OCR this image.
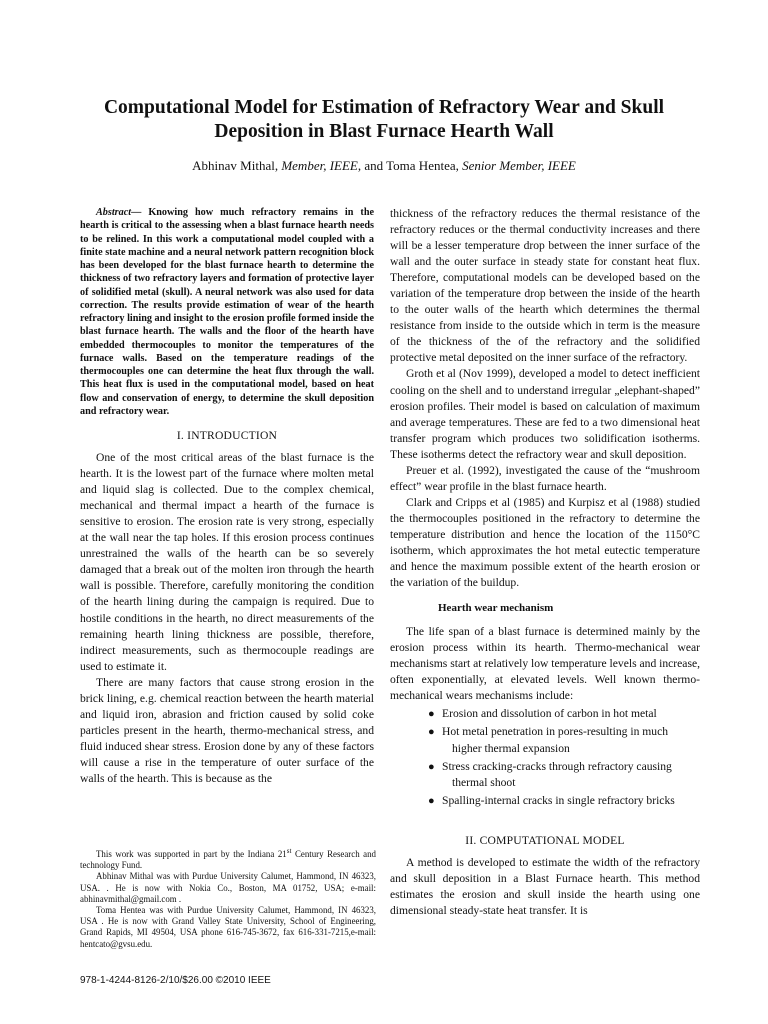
Computational Model for Estimation of Refractory Wear and Skull
Deposition in Blast Furnace Hearth Wall

Abhinav Mithal, Member, IEEE, and Toma Hentea, Senior Member, IEEE

Abstract— Knowing how much refractory remains in the hearth is critical to the assessing when a blast furnace hearth needs to be relined. In this work a computational model coupled with a finite state machine and a neural network pattern recognition block has been developed for the blast furnace hearth to determine the thickness of two refractory layers and formation of protective layer of solidified metal (skull). A neural network was also used for data correction. The results provide estimation of wear of the hearth refractory lining and insight to the erosion profile formed inside the blast furnace hearth. The walls and the floor of the hearth have embedded thermocouples to monitor the temperatures of the furnace walls. Based on the temperature readings of the thermocouples one can determine the heat flux through the wall. This heat flux is used in the computational model, based on heat flow and conservation of energy, to determine the skull deposition and refractory wear.

I. INTRODUCTION

One of the most critical areas of the blast furnace is the hearth. It is the lowest part of the furnace where molten metal and liquid slag is collected. Due to the complex chemical, mechanical and thermal impact a hearth of the furnace is sensitive to erosion. The erosion rate is very strong, especially at the wall near the tap holes. If this erosion process continues unrestrained the walls of the hearth can be so severely damaged that a break out of the molten iron through the hearth wall is possible. Therefore, carefully monitoring the condition of the hearth lining during the campaign is required. Due to hostile conditions in the hearth, no direct measurements of the remaining hearth lining thickness are possible, therefore, indirect measurements, such as thermocouple readings are used to estimate it.

There are many factors that cause strong erosion in the brick lining, e.g. chemical reaction between the hearth material and liquid iron, abrasion and friction caused by solid coke particles present in the hearth, thermo-mechanical stress, and fluid induced shear stress. Erosion done by any of these factors will cause a rise in the temperature of outer surface of the walls of the hearth. This is because as the

thickness of the refractory reduces the thermal resistance of the refractory reduces or the thermal conductivity increases and there will be a lesser temperature drop between the inner surface of the wall and the outer surface in steady state for constant heat flux. Therefore, computational models can be developed based on the variation of the temperature drop between the inside of the hearth to the outer walls of the hearth which determines the thermal resistance from inside to the outside which in term is the measure of the thickness of the of the refractory and the solidified protective metal deposited on the inner surface of the refractory.

Groth et al (Nov 1999), developed a model to detect inefficient cooling on the shell and to understand irregular „elephant-shaped” erosion profiles. Their model is based on calculation of maximum and average temperatures. These are fed to a two dimensional heat transfer program which produces two solidification isotherms. These isotherms detect the refractory wear and skull deposition.

Preuer et al. (1992), investigated the cause of the “mushroom effect” wear profile in the blast furnace hearth.

Clark and Cripps et al (1985) and Kurpisz et al (1988) studied the thermocouples positioned in the refractory to determine the temperature distribution and hence the location of the 1150°C isotherm, which approximates the hot metal eutectic temperature and hence the maximum possible extent of the hearth erosion or the variation of the buildup.

Hearth wear mechanism

The life span of a blast furnace is determined mainly by the erosion process within its hearth. Thermo-mechanical wear mechanisms start at relatively low temperature levels and increase, often exponentially, at elevated levels. Well known thermo-mechanical wears mechanisms include:

● Erosion and dissolution of carbon in hot metal
● Hot metal penetration in pores-resulting in much
higher thermal expansion
● Stress cracking-cracks through refractory causing
thermal shoot
● Spalling-internal cracks in single refractory bricks
II. COMPUTATIONAL MODEL

A method is developed to estimate the width of the refractory and skull deposition in a Blast Furnace hearth. This method estimates the erosion and skull inside the hearth using one dimensional steady-state heat transfer. It is

This work was supported in part by the Indiana 21st Century Research and technology Fund.

Abhinav Mithal was with Purdue University Calumet, Hammond, IN 46323, USA. . He is now with Nokia Co., Boston, MA 01752, USA; e-mail: abhinavmithal@gmail.com .

Toma Hentea was with Purdue University Calumet, Hammond, IN 46323, USA . He is now with Grand Valley State University, School of Engineering, Grand Rapids, MI 49504, USA phone 616-745-3672, fax 616-331-7215,e-mail: hentcato@gvsu.edu.

978-1-4244-8126-2/10/$26.00 ©2010 IEEE
